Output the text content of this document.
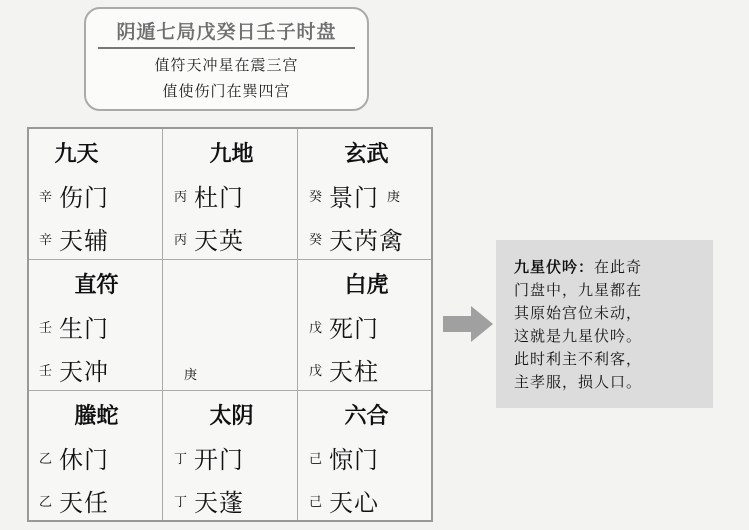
阴遁七局戊癸日壬子时盘
值符天冲星在震三宫
值使伤门在巽四宫
九天
辛 伤门
辛 天辅
九地
丙 杜门
丙 天英
玄武
癸 景门 庚
癸 天芮禽
直符
壬 生门
壬 天冲	庚
白虎
戊 死门
戊 天柱
螣蛇
乙 休门
乙 天任
太阴
丁 开门
丁 天蓬
六合
己 惊门
己 天心
九星伏吟：在此奇
门盘中，九星都在
其原始宫位未动，
这就是九星伏吟。
此时利主不利客，
主孝服，损人口。
